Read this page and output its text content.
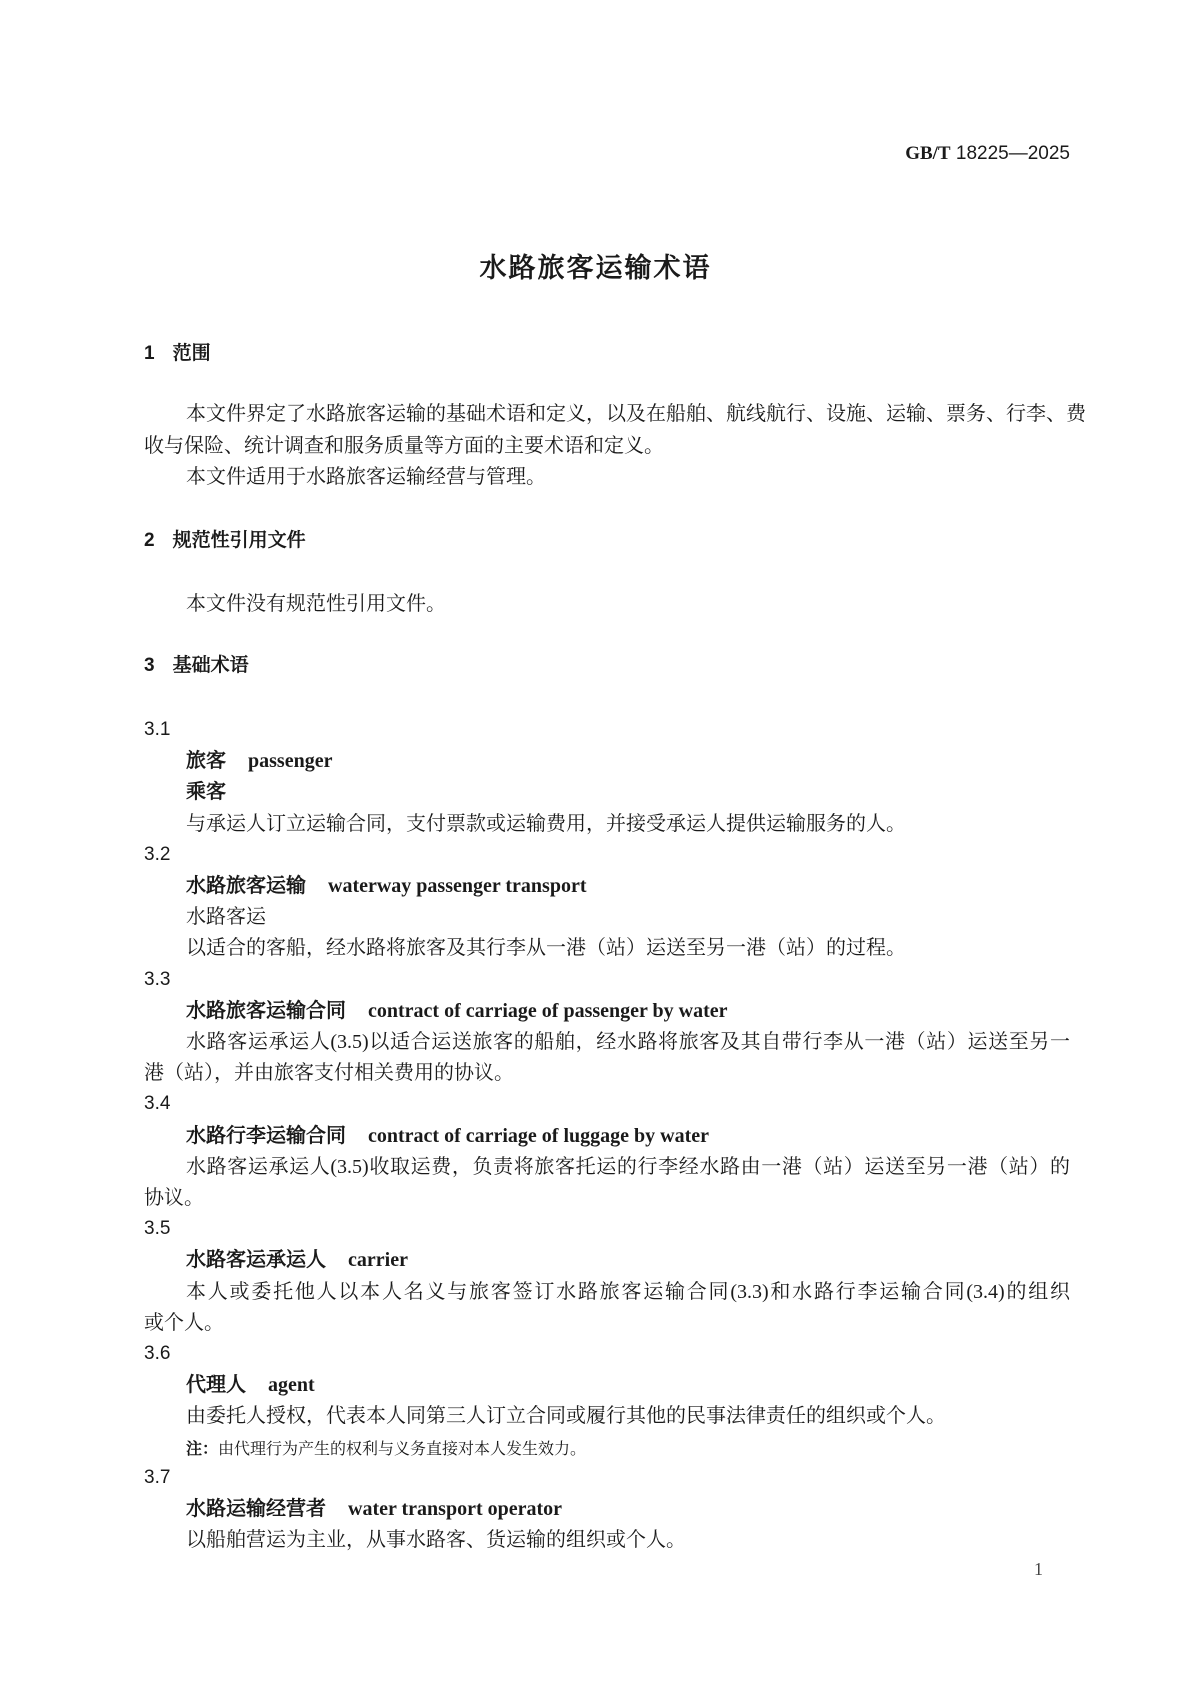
GB/T 18225—2025
水路旅客运输术语
1 范围
本文件界定了水路旅客运输的基础术语和定义，以及在船舶、航线航行、设施、运输、票务、行李、费
收与保险、统计调查和服务质量等方面的主要术语和定义。
本文件适用于水路旅客运输经营与管理。
2 规范性引用文件
本文件没有规范性引用文件。
3 基础术语
3.1
旅客 passenger
乘客
与承运人订立运输合同，支付票款或运输费用，并接受承运人提供运输服务的人。
3.2
水路旅客运输 waterway passenger transport
水路客运
以适合的客船，经水路将旅客及其行李从一港（站）运送至另一港（站）的过程。
3.3
水路旅客运输合同 contract of carriage of passenger by water
水路客运承运人(3.5)以适合运送旅客的船舶，经水路将旅客及其自带行李从一港（站）运送至另一
港（站），并由旅客支付相关费用的协议。
3.4
水路行李运输合同 contract of carriage of luggage by water
水路客运承运人(3.5)收取运费，负责将旅客托运的行李经水路由一港（站）运送至另一港（站）的
协议。
3.5
水路客运承运人 carrier
本人或委托他人以本人名义与旅客签订水路旅客运输合同(3.3)和水路行李运输合同(3.4)的组织
或个人。
3.6
代理人 agent
由委托人授权，代表本人同第三人订立合同或履行其他的民事法律责任的组织或个人。
注：由代理行为产生的权利与义务直接对本人发生效力。
3.7
水路运输经营者 water transport operator
以船舶营运为主业，从事水路客、货运输的组织或个人。
1
